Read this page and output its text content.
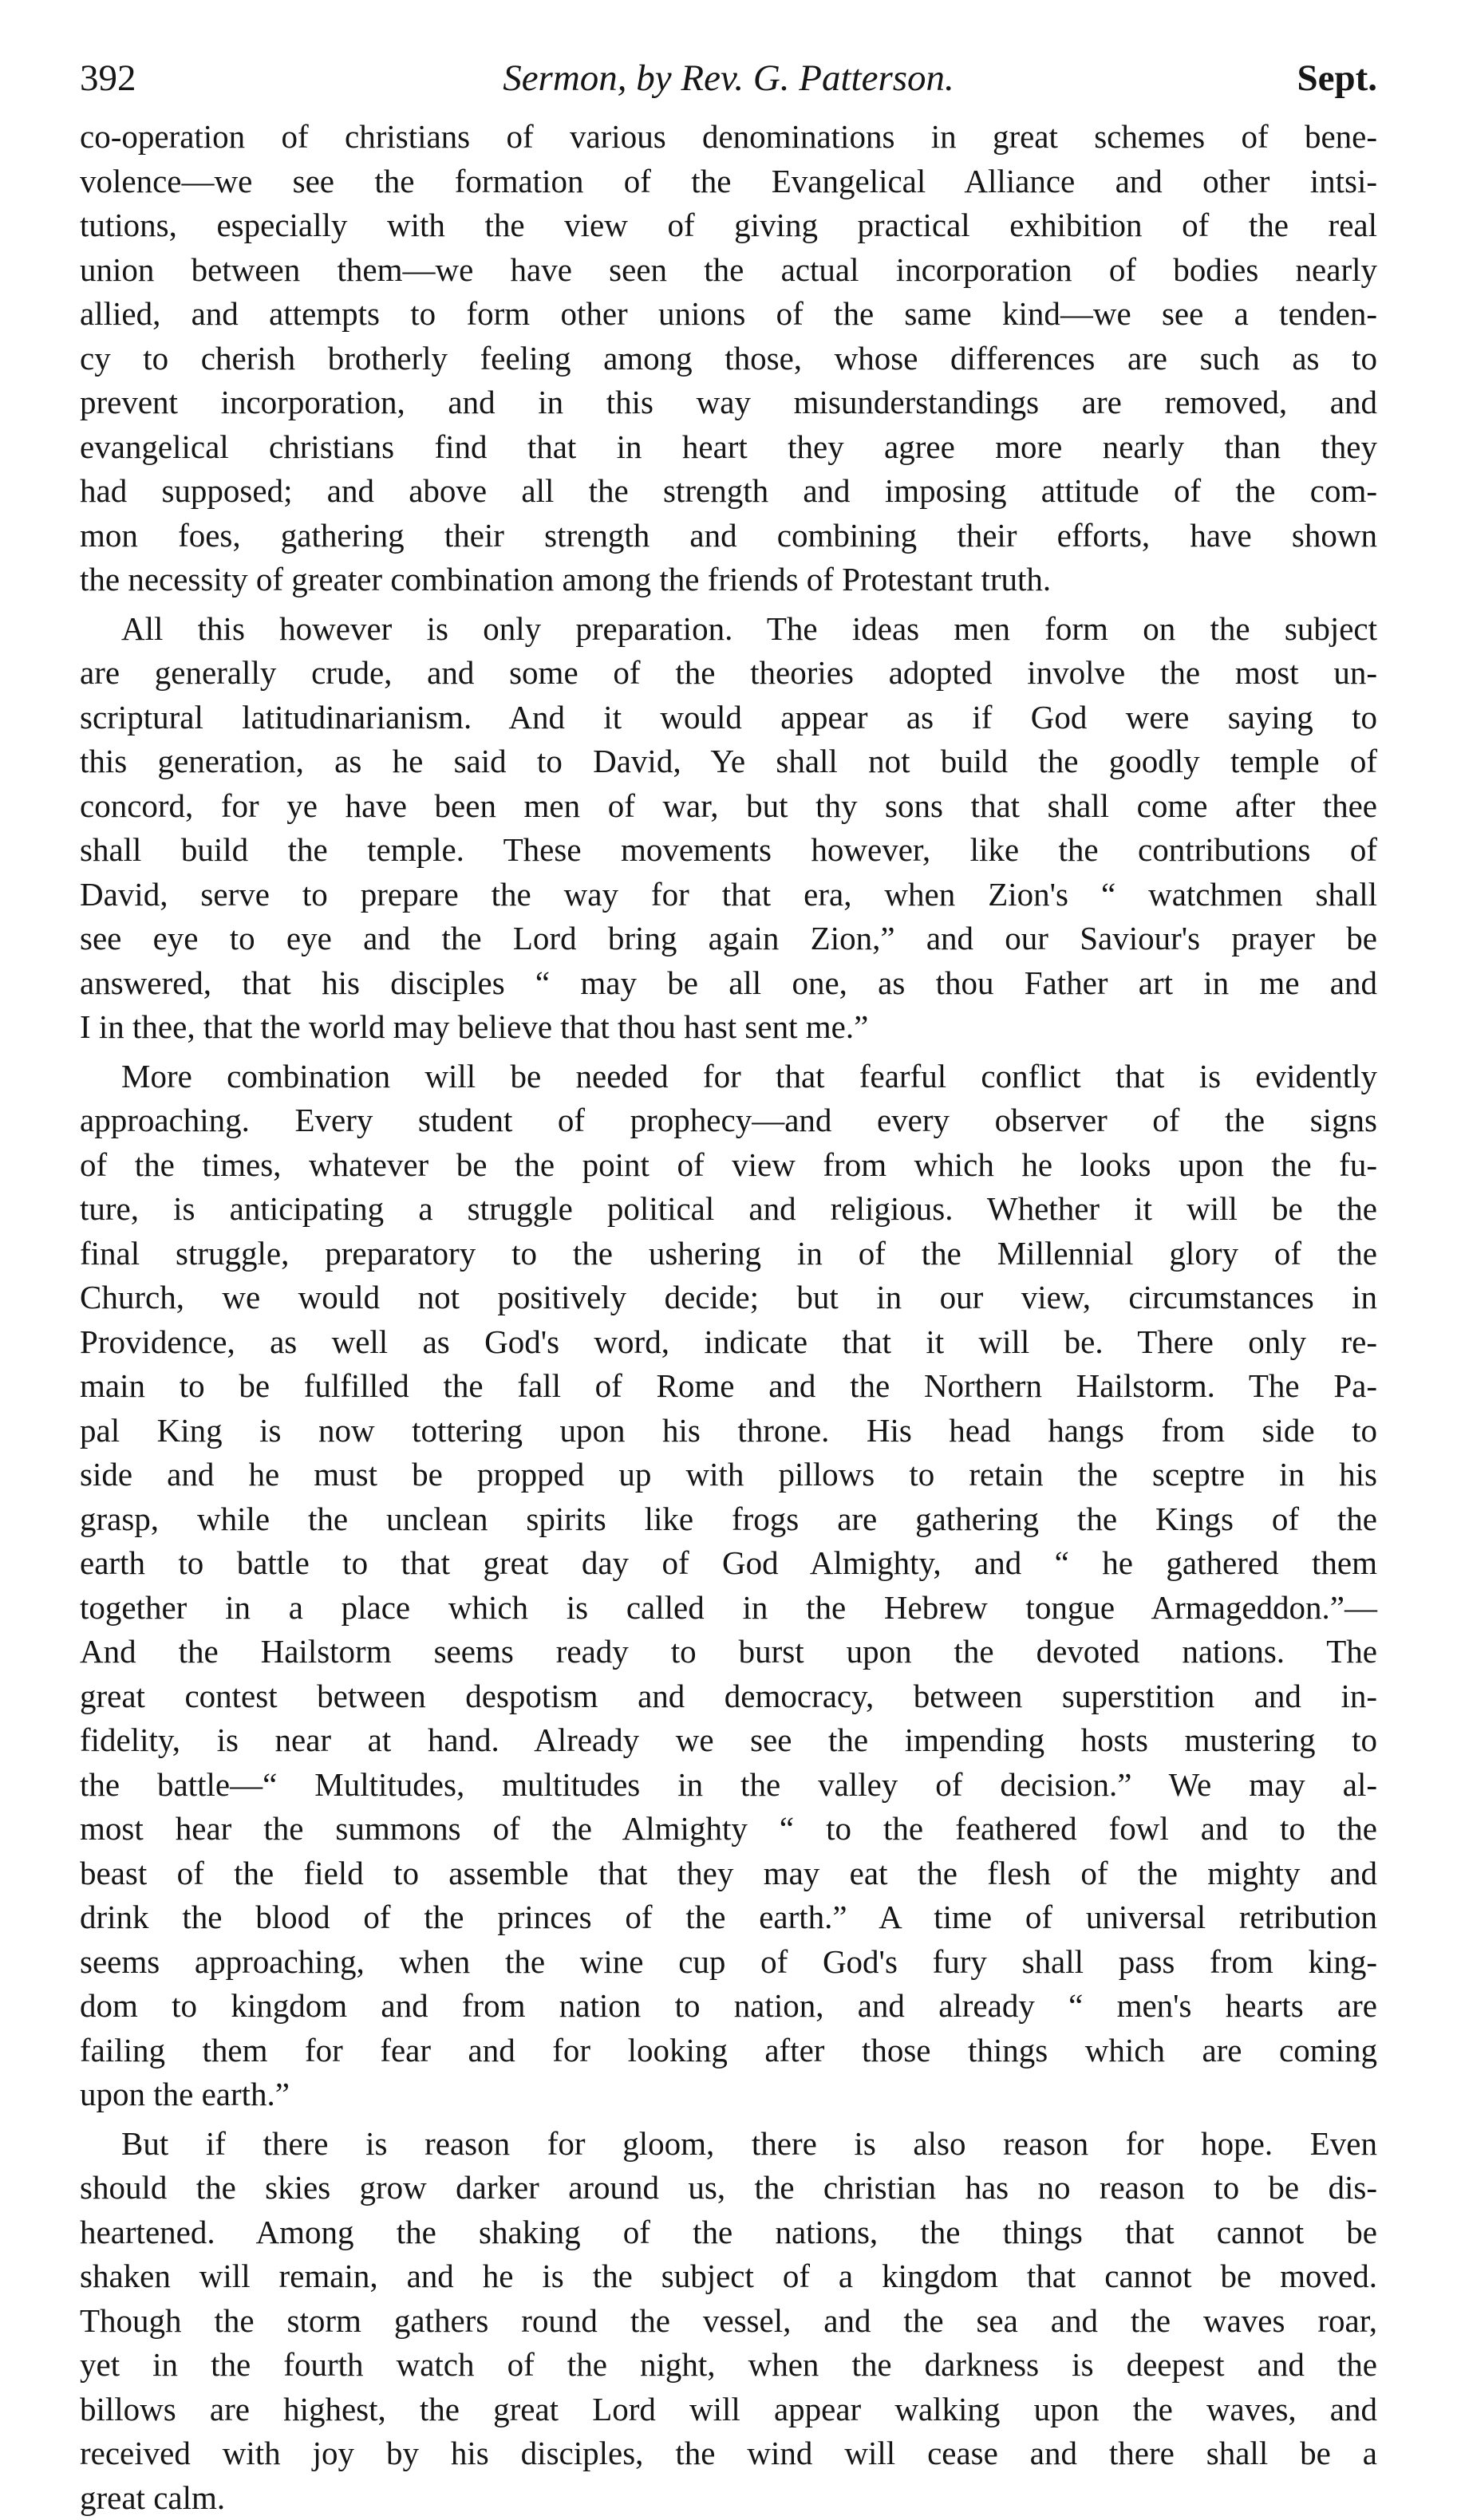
392	Sermon, by Rev. G. Patterson.	Sept.
co-operation of christians of various denominations in great schemes of bene-
volence—we see the formation of the Evangelical Alliance and other intsi-
tutions, especially with the view of giving practical exhibition of the real
union between them—we have seen the actual incorporation of bodies nearly
allied, and attempts to form other unions of the same kind—we see a tenden-
cy to cherish brotherly feeling among those, whose differences are such as to
prevent incorporation, and in this way misunderstandings are removed, and
evangelical christians find that in heart they agree more nearly than they
had supposed; and above all the strength and imposing attitude of the com-
mon foes, gathering their strength and combining their efforts, have shown
the necessity of greater combination among the friends of Protestant truth.
All this however is only preparation. The ideas men form on the subject
are generally crude, and some of the theories adopted involve the most un-
scriptural latitudinarianism. And it would appear as if God were saying to
this generation, as he said to David, Ye shall not build the goodly temple of
concord, for ye have been men of war, but thy sons that shall come after thee
shall build the temple. These movements however, like the contributions of
David, serve to prepare the way for that era, when Zion's “ watchmen shall
see eye to eye and the Lord bring again Zion,” and our Saviour's prayer be
answered, that his disciples “ may be all one, as thou Father art in me and
I in thee, that the world may believe that thou hast sent me.”
More combination will be needed for that fearful conflict that is evidently
approaching. Every student of prophecy—and every observer of the signs
of the times, whatever be the point of view from which he looks upon the fu-
ture, is anticipating a struggle political and religious. Whether it will be the
final struggle, preparatory to the ushering in of the Millennial glory of the
Church, we would not positively decide; but in our view, circumstances in
Providence, as well as God's word, indicate that it will be. There only re-
main to be fulfilled the fall of Rome and the Northern Hailstorm. The Pa-
pal King is now tottering upon his throne. His head hangs from side to
side and he must be propped up with pillows to retain the sceptre in his
grasp, while the unclean spirits like frogs are gathering the Kings of the
earth to battle to that great day of God Almighty, and “ he gathered them
together in a place which is called in the Hebrew tongue Armageddon.”—
And the Hailstorm seems ready to burst upon the devoted nations. The
great contest between despotism and democracy, between superstition and in-
fidelity, is near at hand. Already we see the impending hosts mustering to
the battle—“ Multitudes, multitudes in the valley of decision.” We may al-
most hear the summons of the Almighty “ to the feathered fowl and to the
beast of the field to assemble that they may eat the flesh of the mighty and
drink the blood of the princes of the earth.” A time of universal retribution
seems approaching, when the wine cup of God's fury shall pass from king-
dom to kingdom and from nation to nation, and already “ men's hearts are
failing them for fear and for looking after those things which are coming
upon the earth.”
But if there is reason for gloom, there is also reason for hope. Even
should the skies grow darker around us, the christian has no reason to be dis-
heartened. Among the shaking of the nations, the things that cannot be
shaken will remain, and he is the subject of a kingdom that cannot be moved.
Though the storm gathers round the vessel, and the sea and the waves roar,
yet in the fourth watch of the night, when the darkness is deepest and the
billows are highest, the great Lord will appear walking upon the waves, and
received with joy by his disciples, the wind will cease and there shall be a
great calm.
